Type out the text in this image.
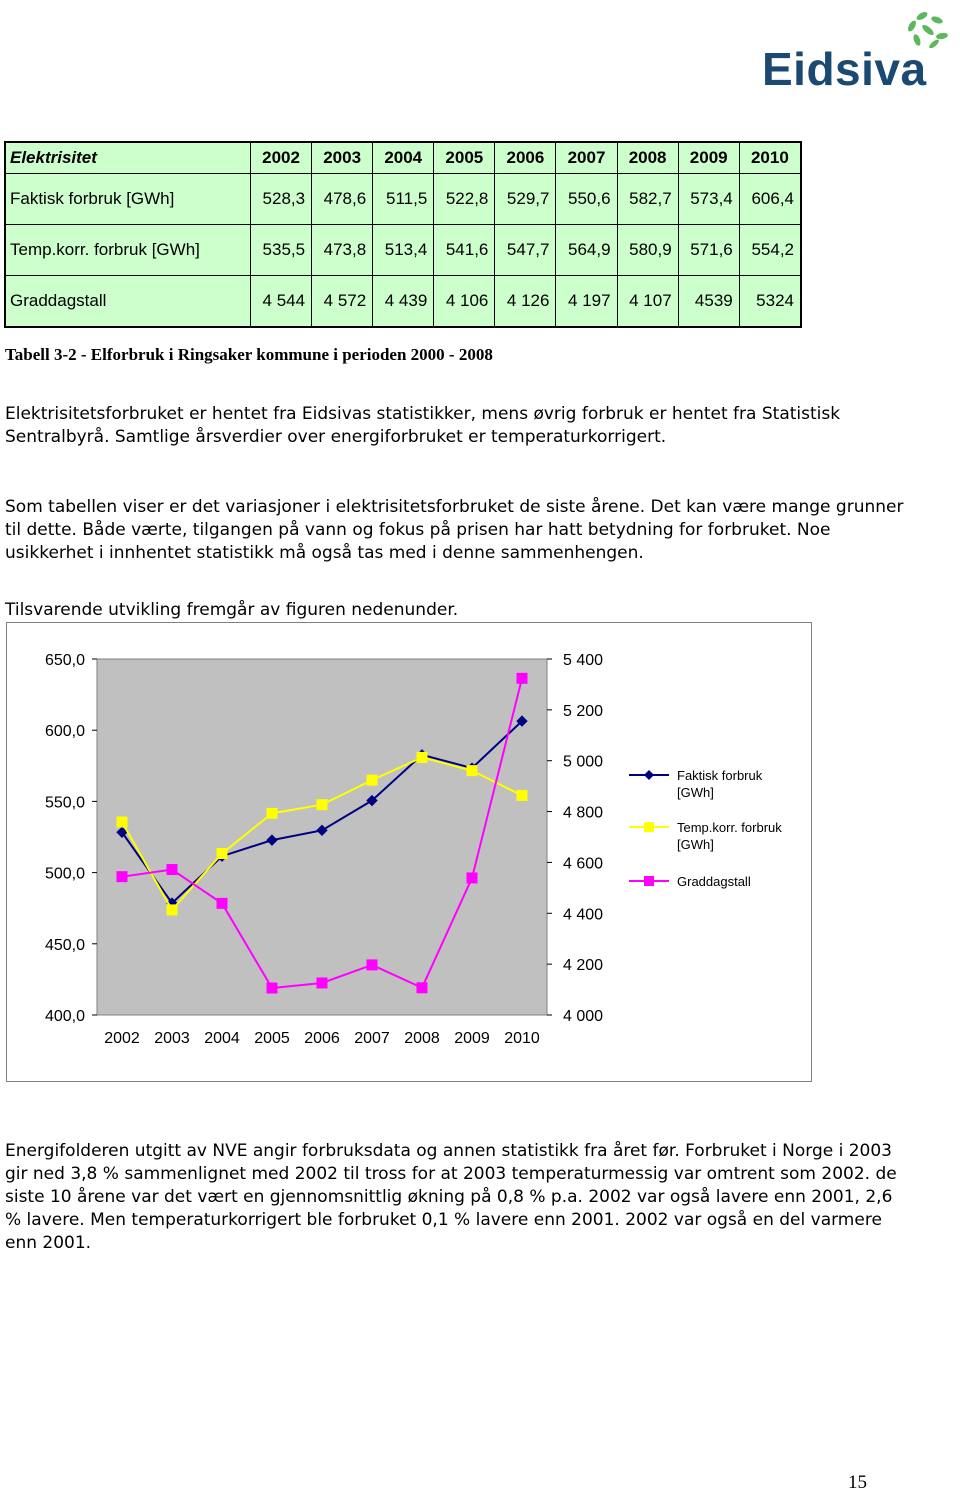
Eidsiva
Elektrisitet	2002	2003	2004	2005	2006	2007	2008	2009	2010
Faktisk forbruk [GWh]	528,3	478,6	511,5	522,8	529,7	550,6	582,7	573,4	606,4
Temp.korr. forbruk [GWh]	535,5	473,8	513,4	541,6	547,7	564,9	580,9	571,6	554,2
Graddagstall	4 544	4 572	4 439	4 106	4 126	4 197	4 107	4539	5324
Tabell 3-2 - Elforbruk i Ringsaker kommune i perioden 2000 - 2008

Elektrisitetsforbruket er hentet fra Eidsivas statistikker, mens øvrig forbruk er hentet fra Statistisk Sentralbyrå. Samtlige årsverdier over energiforbruket er temperaturkorrigert.

Som tabellen viser er det variasjoner i elektrisitetsforbruket de siste årene. Det kan være mange grunner til dette. Både værte, tilgangen på vann og fokus på prisen har hatt betydning for forbruket. Noe usikkerhet i innhentet statistikk må også tas med i denne sammenhengen.

Tilsvarende utvikling fremgår av figuren nedenunder.

650,0
600,0
550,0
500,0
450,0
400,0
5 400
5 200
5 000
4 800
4 600
4 400
4 200
4 000
2002 2003 2004 2005 2006 2007 2008 2009 2010
Faktisk forbruk
[GWh]
Temp.korr. forbruk
[GWh]
Graddagstall

Energifolderen utgitt av NVE angir forbruksdata og annen statistikk fra året før. Forbruket i Norge i 2003 gir ned 3,8 % sammenlignet med 2002 til tross for at 2003 temperaturmessig var omtrent som 2002. de siste 10 årene var det vært en gjennomsnittlig økning på 0,8 % p.a. 2002 var også lavere enn 2001, 2,6 % lavere. Men temperaturkorrigert ble forbruket 0,1 % lavere enn 2001. 2002 var også en del varmere enn 2001.

15
